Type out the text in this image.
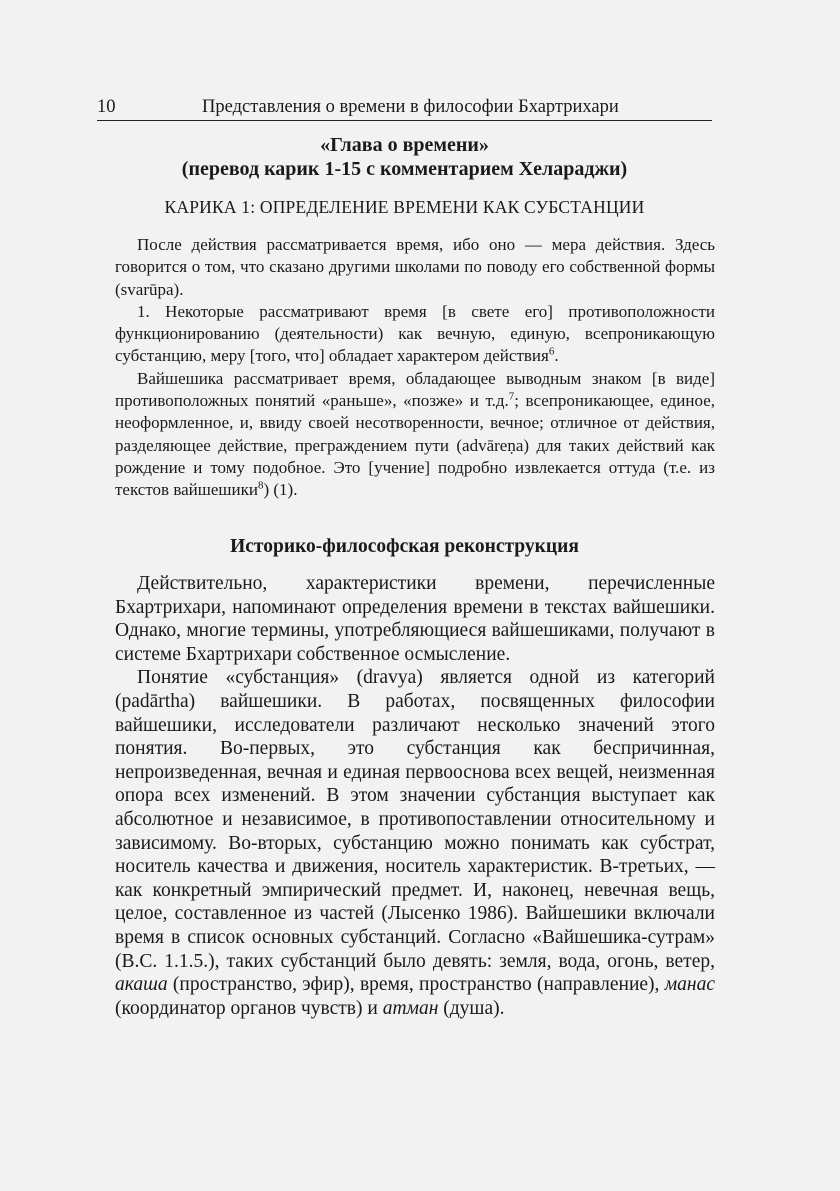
10	Представления о времени в философии Бхартрихари
«Глава о времени»
(перевод карик 1-15 с комментарием Хелараджи)
КАРИКА 1: ОПРЕДЕЛЕНИЕ ВРЕМЕНИ КАК СУБСТАНЦИИ

После действия рассматривается время, ибо оно — мера действия. Здесь говорится о том, что сказано другими школами по поводу его собственной формы (svarūpa).

1. Некоторые рассматривают время [в свете его] противоположности функционированию (деятельности) как вечную, единую, всепроникающую субстанцию, меру [того, что] обладает характером действия$^6$.

Вайшешика рассматривает время, обладающее выводным знаком [в виде] противоположных понятий «раньше», «позже» и т.д.$^7$; всепроникающее, единое, неоформленное, и, ввиду своей несотворенности, вечное; отличное от действия, разделяющее действие, преграждением пути (advāreṇa) для таких действий как рождение и тому подобное. Это [учение] подробно извлекается оттуда (т.е. из текстов вайшешики$^8$) (1).

Историко-философская реконструкция

Действительно, характеристики времени, перечисленные Бхартрихари, напоминают определения времени в текстах вайшешики. Однако, многие термины, употребляющиеся вайшешиками, получают в системе Бхартрихари собственное осмысление.

Понятие «субстанция» (dravya) является одной из категорий (padārtha) вайшешики. В работах, посвященных философии вайшешики, исследователи различают несколько значений этого понятия. Во-первых, это субстанция как беспричинная, непроизведенная, вечная и единая первооснова всех вещей, неизменная опора всех изменений. В этом значении субстанция выступает как абсолютное и независимое, в противопоставлении относительному и зависимому. Во-вторых, субстанцию можно понимать как субстрат, носитель качества и движения, носитель характеристик. В-третьих, — как конкретный эмпирический предмет. И, наконец, невечная вещь, целое, составленное из частей (Лысенко 1986). Вайшешики включали время в список основных субстанций. Согласно «Вайшешика-сутрам» (В.С. 1.1.5.), таких субстанций было девять: земля, вода, огонь, ветер, акаша (пространство, эфир), время, пространство (направление), манас (координатор органов чувств) и атман (душа).
